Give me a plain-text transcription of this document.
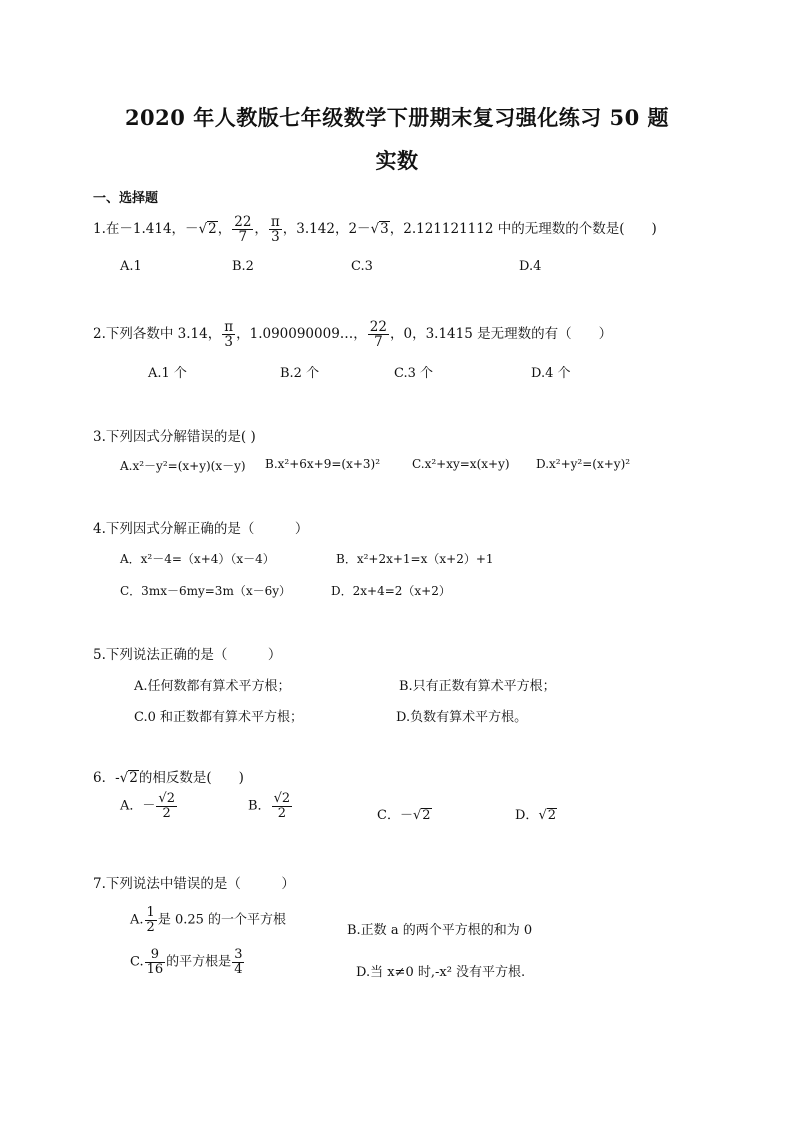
2020 年人教版七年级数学下册期末复习强化练习 50 题
实数
一、选择题
1.在－1.414，－√2， $\frac{22}{7}$ ， $\frac{\pi}{3}$ ，3.142，2－√3，2.121121112 中的无理数的个数是(　　)
A.1	B.2	C.3	D.4
2.下列各数中 3.14， $\frac{\pi}{3}$ ，1.090090009…， $\frac{22}{7}$ ，0，3.1415 是无理数的有（　　）
A.1 个	B.2 个	C.3 个	D.4 个
3.下列因式分解错误的是( )
A.x²－y²=(x+y)(x－y) B.x²+6x+9=(x+3)²	C.x²+xy=x(x+y) D.x²+y²=(x+y)²
4.下列因式分解正确的是（　　　）
A．x²－4=（x+4）（x－4）	B．x²+2x+1=x（x+2）+1
C．3mx－6my=3m（x－6y）	D．2x+4=2（x+2）
5.下列说法正确的是（　　　）
A.任何数都有算术平方根；	B.只有正数有算术平方根；
C.0 和正数都有算术平方根；	D.负数有算术平方根。
6．-√2的相反数是(　　)
A．－ $\frac{√2}{2}$	B． $\frac{√2}{2}$	C．－√2	D．√2
7.下列说法中错误的是（　　　）
A. $\frac{1}{2}$ 是 0.25 的一个平方根
B.正数 a 的两个平方根的和为 0
C. $\frac{9}{16}$ 的平方根是 $\frac{3}{4}$	D.当 x≠0 时,-x² 没有平方根.
